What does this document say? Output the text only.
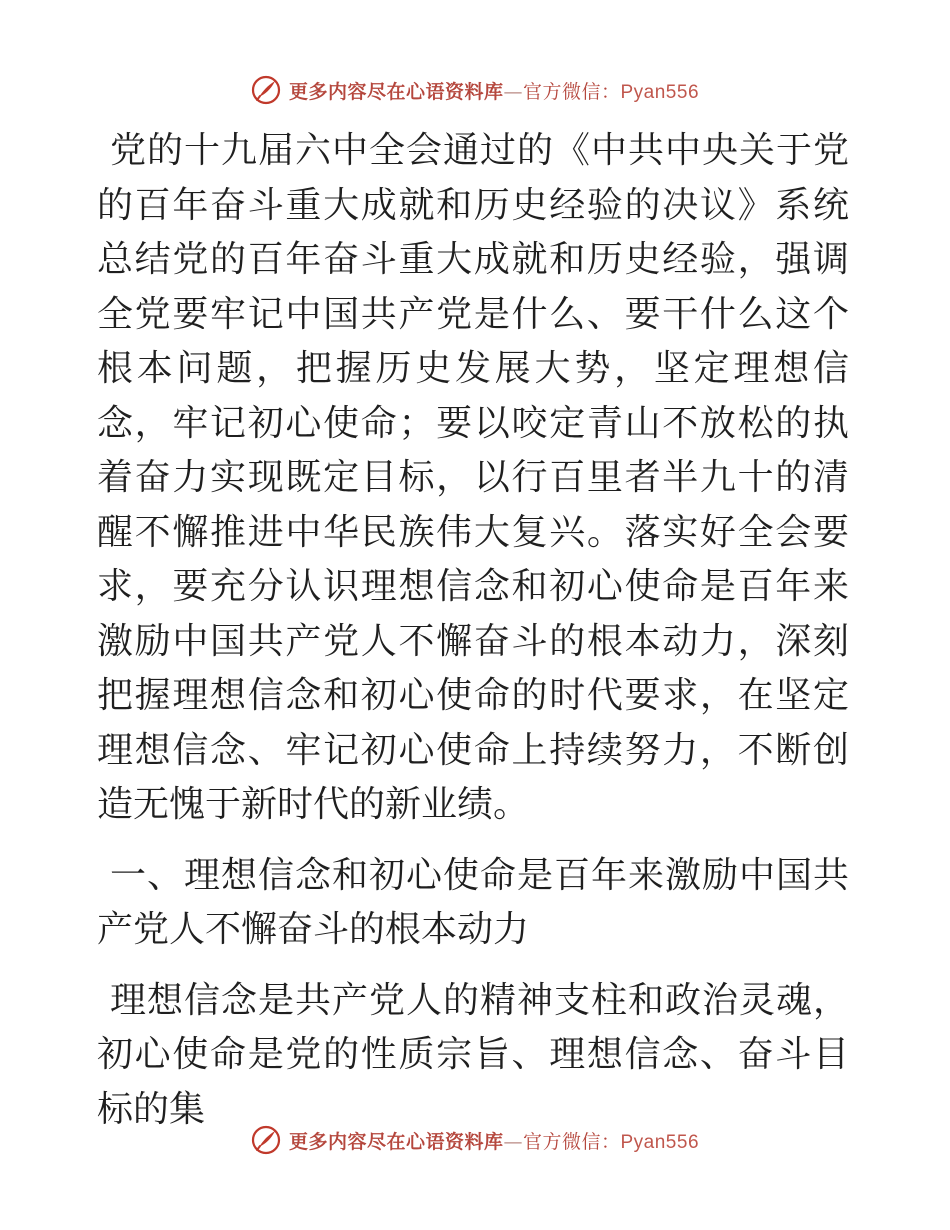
更多内容尽在心语资料库 — 官方微信： Pyan556

党的十九届六中全会通过的《中共中央关于党的百年奋斗重大成就和历史经验的决议》系统总结党的百年奋斗重大成就和历史经验，强调全党要牢记中国共产党是什么、要干什么这个根本问题，把握历史发展大势，坚定理想信念，牢记初心使命；要以咬定青山不放松的执着奋力实现既定目标，以行百里者半九十的清醒不懈推进中华民族伟大复兴。落实好全会要求，要充分认识理想信念和初心使命是百年来激励中国共产党人不懈奋斗的根本动力，深刻把握理想信念和初心使命的时代要求，在坚定理想信念、牢记初心使命上持续努力，不断创造无愧于新时代的新业绩。

一、理想信念和初心使命是百年来激励中国共产党人不懈奋斗的根本动力

理想信念是共产党人的精神支柱和政治灵魂，初心使命是党的性质宗旨、理想信念、奋斗目标的集

更多内容尽在心语资料库 — 官方微信： Pyan556
